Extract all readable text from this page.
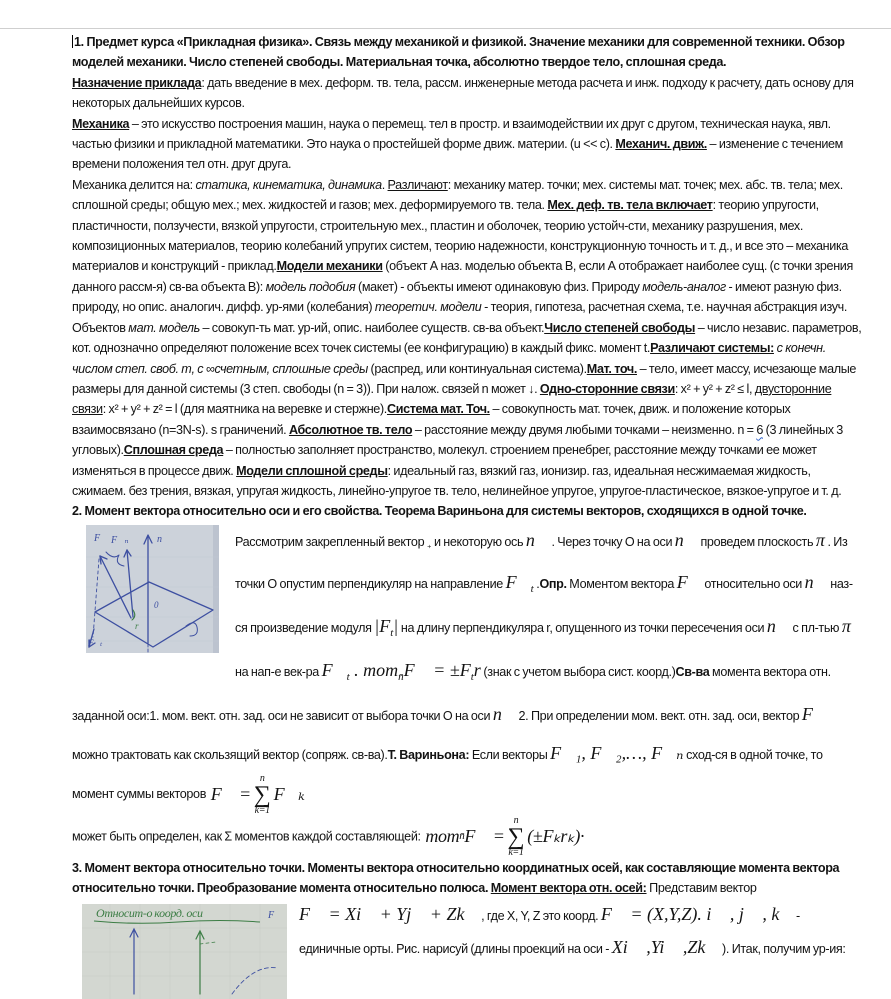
1. Предмет курса «Прикладная физика». Связь между механикой и физикой. Значение механики для современной техники. Обзор моделей механики. Число степеней свободы. Материальная точка, абсолютно твердое тело, сплошная среда.

Назначение приклада: дать введение в мех. деформ. тв. тела, рассм. инженерные метода расчета и инж. подходу к расчету, дать основу для некоторых дальнейших курсов.

Механика – это искусство построения машин, наука о перемещ. тел в простр. и взаимодействии их друг с другом, техническая наука, явл. частью физики и прикладной математики. Это наука о простейшей форме движ. материи. (u << c). Механич. движ. – изменение с течением времени положения тел отн. друг друга.

Механика делится на: статика, кинематика, динамика. Различают: механику матер. точки; мех. системы мат. точек; мех. абс. тв. тела; мех. сплошной среды; общую мех.; мех. жидкостей и газов; мех. деформируемого тв. тела. Мех. деф. тв. тела включает: теорию упругости, пластичности, ползучести, вязкой упругости, строительную мех., пластин и оболочек, теорию устойч-сти, механику разрушения, мех. композиционных материалов, теорию колебаний упругих систем, теорию надежности, конструкционную точность и т. д., и все это – механика материалов и конструкций - приклад.Модели механики (объект А наз. моделью объекта В, если А отображает наиболее сущ. (с точки зрения данного рассм-я) св-ва объекта В): модель подобия (макет) - объекты имеют одинаковую физ. Природу модель-аналог - имеют разную физ. природу, но опис. аналогич. дифф. ур-ями (колебания) теоретич. модели - теория, гипотеза, расчетная схема, т.е. научная абстракция изуч. Объектов мат. модель – совокуп-ть мат. ур-ий, опис. наиболее существ. св-ва объект.Число степеней свободы – число независ. параметров, кот. однозначно определяют положение всех точек системы (ее конфигурацию) в каждый фикс. момент t.Различают системы: с конечн. числом степ. своб. m, с ∞счетным, сплошные среды (распред, или континуальная система).Мат. точ. – тело, имеет массу, исчезающе малые размеры для данной системы (3 степ. свободы (n = 3)). При налож. связей n может ↓. Одно-сторонние связи: x² + y² + z² ≤ l, двусторонние связи: x² + y² + z² = l (для маятника на веревке и стержне).Система мат. Точ. – совокупность мат. точек, движ. и положение которых взаимосвязано (n=3N-s). s граничений. Абсолютное тв. тело – расстояние между двумя любыми точками – неизменно. n = 6 (3 линейных 3 угловых).Сплошная среда – полностью заполняет пространство, молекул. строением пренебрег, расстояние между точками ее может изменяться в процессе движ. Модели сплошной среды: идеальный газ, вязкий газ, ионизир. газ, идеальная несжимаемая жидкость, сжимаем. без трения, вязкая, упругая жидкость, линейно-упругое тв. тело, нелинейное упругое, упругое-пластическое, вязкое-упругое и т. д.

2. Момент вектора относительно оси и его свойства. Теорема Вариньона для системы векторов, сходящихся в одной точке.

F⃗ F⃗ₙ	n⃗
0
r
F⃗ₜ
Рассмотрим закрепленный вектор ₊ и некоторую ось n⃗ . Через точку О на оси n⃗ проведем плоскость π . Из точки О опустим перпендикуляр на направление F⃗t .Опр. Моментом вектора F⃗ относительно оси n⃗ наз-ся произведение модуля |Ft| на длину перпендикуляра r, опущенного из точки пересечения оси n⃗ с пл-тью π на нап-е век-ра F⃗t . momn̄F⃗ = ±Ftr (знак с учетом выбора сист. коорд.)Св-ва момента вектора отн. заданной оси:1. мом. вект. отн. зад. оси не зависит от выбора точки О на оси n⃗ 2. При определении мом. вект. отн. зад. оси, вектор F⃗ можно трактовать как скользящий вектор (сопряж. св-ва).Т. Вариньона: Если векторы F⃗₁, F⃗₂,…, F⃗ₙ сход-ся в одной точке, то момент суммы векторов F⃗ =
n
∑
k=1
F⃗ₖ

может быть определен, как Σ моментов каждой составляющей: mom n̄ F⃗ =
n
∑
k=1
(±Fₖrₖ)·

3. Момент вектора относительно точки. Моменты вектора относительно координатных осей, как составляющие момента вектора относительно точки. Преобразование момента относительно полюса. Момент вектора отн. осей: Представим вектор

Относит-о коорд. оси	F⃗ F⃗ = Xi⃗ + Yj⃗ + Zk⃗ , где X, Y, Z это коорд. F⃗ = (X,Y,Z). i⃗ , j⃗ , k⃗ - единичные орты. Рис. нарисуй (длины проекций на оси - Xi⃗ ,Yi⃗ ,Zk⃗ ). Итак, получим ур-ия:
